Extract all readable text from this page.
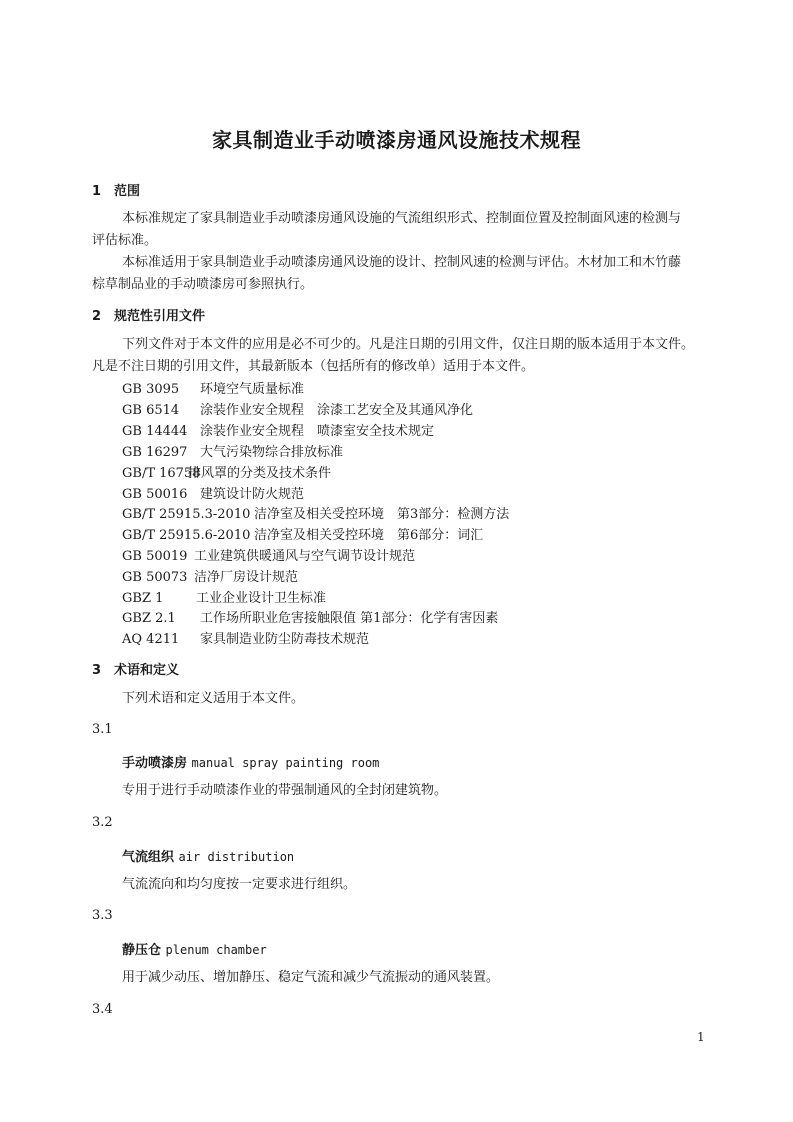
家具制造业手动喷漆房通风设施技术规程
1 范围
本标准规定了家具制造业手动喷漆房通风设施的气流组织形式、控制面位置及控制面风速的检测与
评估标准。
本标准适用于家具制造业手动喷漆房通风设施的设计、控制风速的检测与评估。木材加工和木竹藤
棕草制品业的手动喷漆房可参照执行。
2 规范性引用文件
下列文件对于本文件的应用是必不可少的。凡是注日期的引用文件，仅注日期的版本适用于本文件。
凡是不注日期的引用文件，其最新版本（包括所有的修改单）适用于本文件。
GB 3095 环境空气质量标准
GB 6514 涂装作业安全规程　涂漆工艺安全及其通风净化
GB 14444 涂装作业安全规程　喷漆室安全技术规定
GB 16297 大气污染物综合排放标准
GB/T 16758排风罩的分类及技术条件
GB 50016 建筑设计防火规范
GB/T 25915.3-2010 洁净室及相关受控环境　第3部分：检测方法
GB/T 25915.6-2010 洁净室及相关受控环境　第6部分：词汇
GB 50019 工业建筑供暖通风与空气调节设计规范
GB 50073 洁净厂房设计规范
GBZ 1	工业企业设计卫生标准
GBZ 2.1 工作场所职业危害接触限值 第1部分：化学有害因素
AQ 4211 家具制造业防尘防毒技术规范
3 术语和定义
下列术语和定义适用于本文件。
3.1
手动喷漆房 manual spray painting room
专用于进行手动喷漆作业的带强制通风的全封闭建筑物。
3.2
气流组织 air distribution
气流流向和均匀度按一定要求进行组织。
3.3
静压仓 plenum chamber
用于减少动压、增加静压、稳定气流和减少气流振动的通风装置。
3.4
1
